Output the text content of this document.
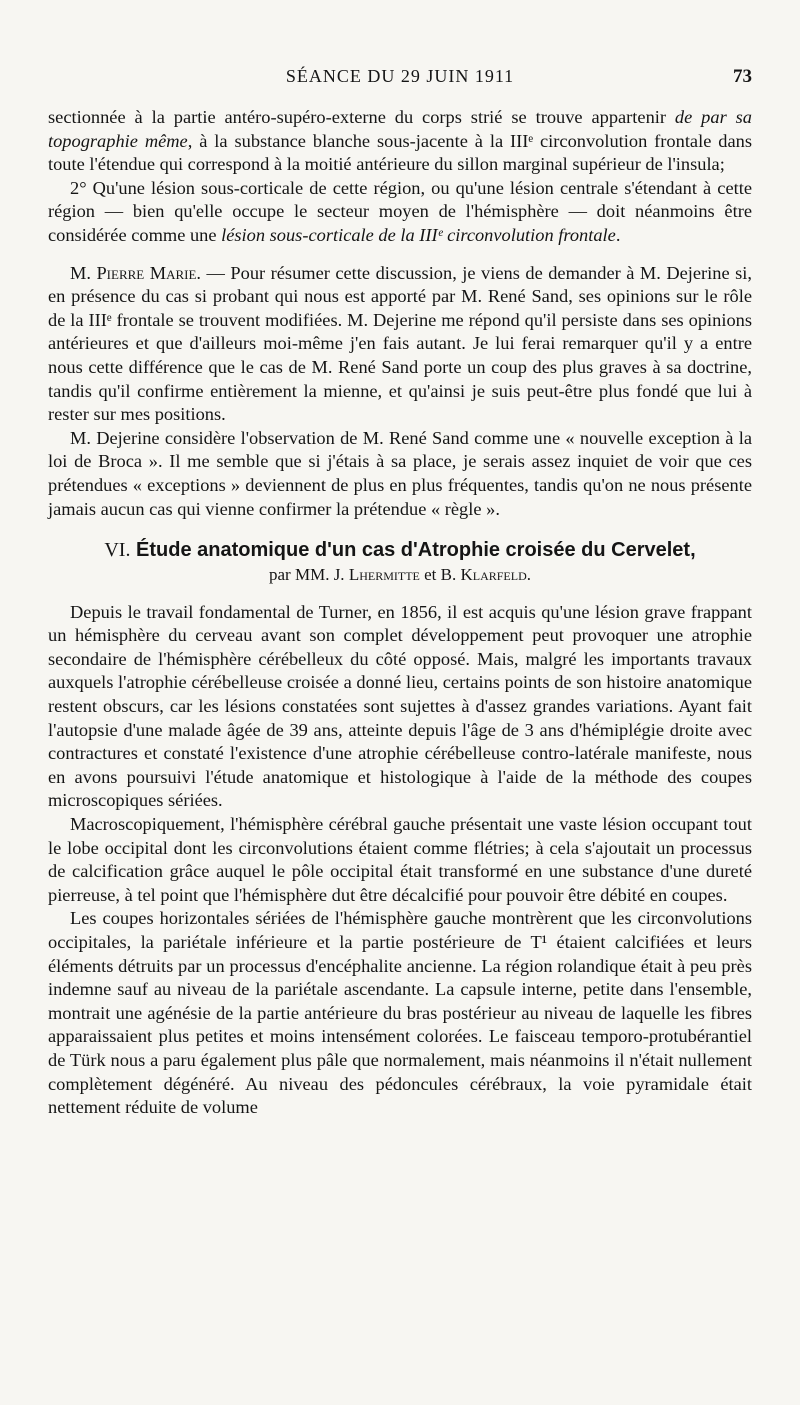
SÉANCE DU 29 JUIN 1911	73

sectionnée à la partie antéro-supéro-externe du corps strié se trouve appartenir de par sa topographie même, à la substance blanche sous-jacente à la IIIᵉ circonvolution frontale dans toute l'étendue qui correspond à la moitié antérieure du sillon marginal supérieur de l'insula;

2° Qu'une lésion sous-corticale de cette région, ou qu'une lésion centrale s'étendant à cette région — bien qu'elle occupe le secteur moyen de l'hémisphère — doit néanmoins être considérée comme une lésion sous-corticale de la IIIᵉ circonvolution frontale.

M. Pierre Marie. — Pour résumer cette discussion, je viens de demander à M. Dejerine si, en présence du cas si probant qui nous est apporté par M. René Sand, ses opinions sur le rôle de la IIIᵉ frontale se trouvent modifiées. M. Dejerine me répond qu'il persiste dans ses opinions antérieures et que d'ailleurs moi-même j'en fais autant. Je lui ferai remarquer qu'il y a entre nous cette différence que le cas de M. René Sand porte un coup des plus graves à sa doctrine, tandis qu'il confirme entièrement la mienne, et qu'ainsi je suis peut-être plus fondé que lui à rester sur mes positions.

M. Dejerine considère l'observation de M. René Sand comme une « nouvelle exception à la loi de Broca ». Il me semble que si j'étais à sa place, je serais assez inquiet de voir que ces prétendues « exceptions » deviennent de plus en plus fréquentes, tandis qu'on ne nous présente jamais aucun cas qui vienne confirmer la prétendue « règle ».

VI. Étude anatomique d'un cas d'Atrophie croisée du Cervelet,
par MM. J. Lhermitte et B. Klarfeld.

Depuis le travail fondamental de Turner, en 1856, il est acquis qu'une lésion grave frappant un hémisphère du cerveau avant son complet développement peut provoquer une atrophie secondaire de l'hémisphère cérébelleux du côté opposé. Mais, malgré les importants travaux auxquels l'atrophie cérébelleuse croisée a donné lieu, certains points de son histoire anatomique restent obscurs, car les lésions constatées sont sujettes à d'assez grandes variations. Ayant fait l'autopsie d'une malade âgée de 39 ans, atteinte depuis l'âge de 3 ans d'hémiplégie droite avec contractures et constaté l'existence d'une atrophie cérébelleuse contro-latérale manifeste, nous en avons poursuivi l'étude anatomique et histologique à l'aide de la méthode des coupes microscopiques sériées.

Macroscopiquement, l'hémisphère cérébral gauche présentait une vaste lésion occupant tout le lobe occipital dont les circonvolutions étaient comme flétries; à cela s'ajoutait un processus de calcification grâce auquel le pôle occipital était transformé en une substance d'une dureté pierreuse, à tel point que l'hémisphère dut être décalcifié pour pouvoir être débité en coupes.

Les coupes horizontales sériées de l'hémisphère gauche montrèrent que les circonvolutions occipitales, la pariétale inférieure et la partie postérieure de T¹ étaient calcifiées et leurs éléments détruits par un processus d'encéphalite ancienne. La région rolandique était à peu près indemne sauf au niveau de la pariétale ascendante. La capsule interne, petite dans l'ensemble, montrait une agénésie de la partie antérieure du bras postérieur au niveau de laquelle les fibres apparaissaient plus petites et moins intensément colorées. Le faisceau temporo-protubérantiel de Türk nous a paru également plus pâle que normalement, mais néanmoins il n'était nullement complètement dégénéré. Au niveau des pédoncules cérébraux, la voie pyramidale était nettement réduite de volume
